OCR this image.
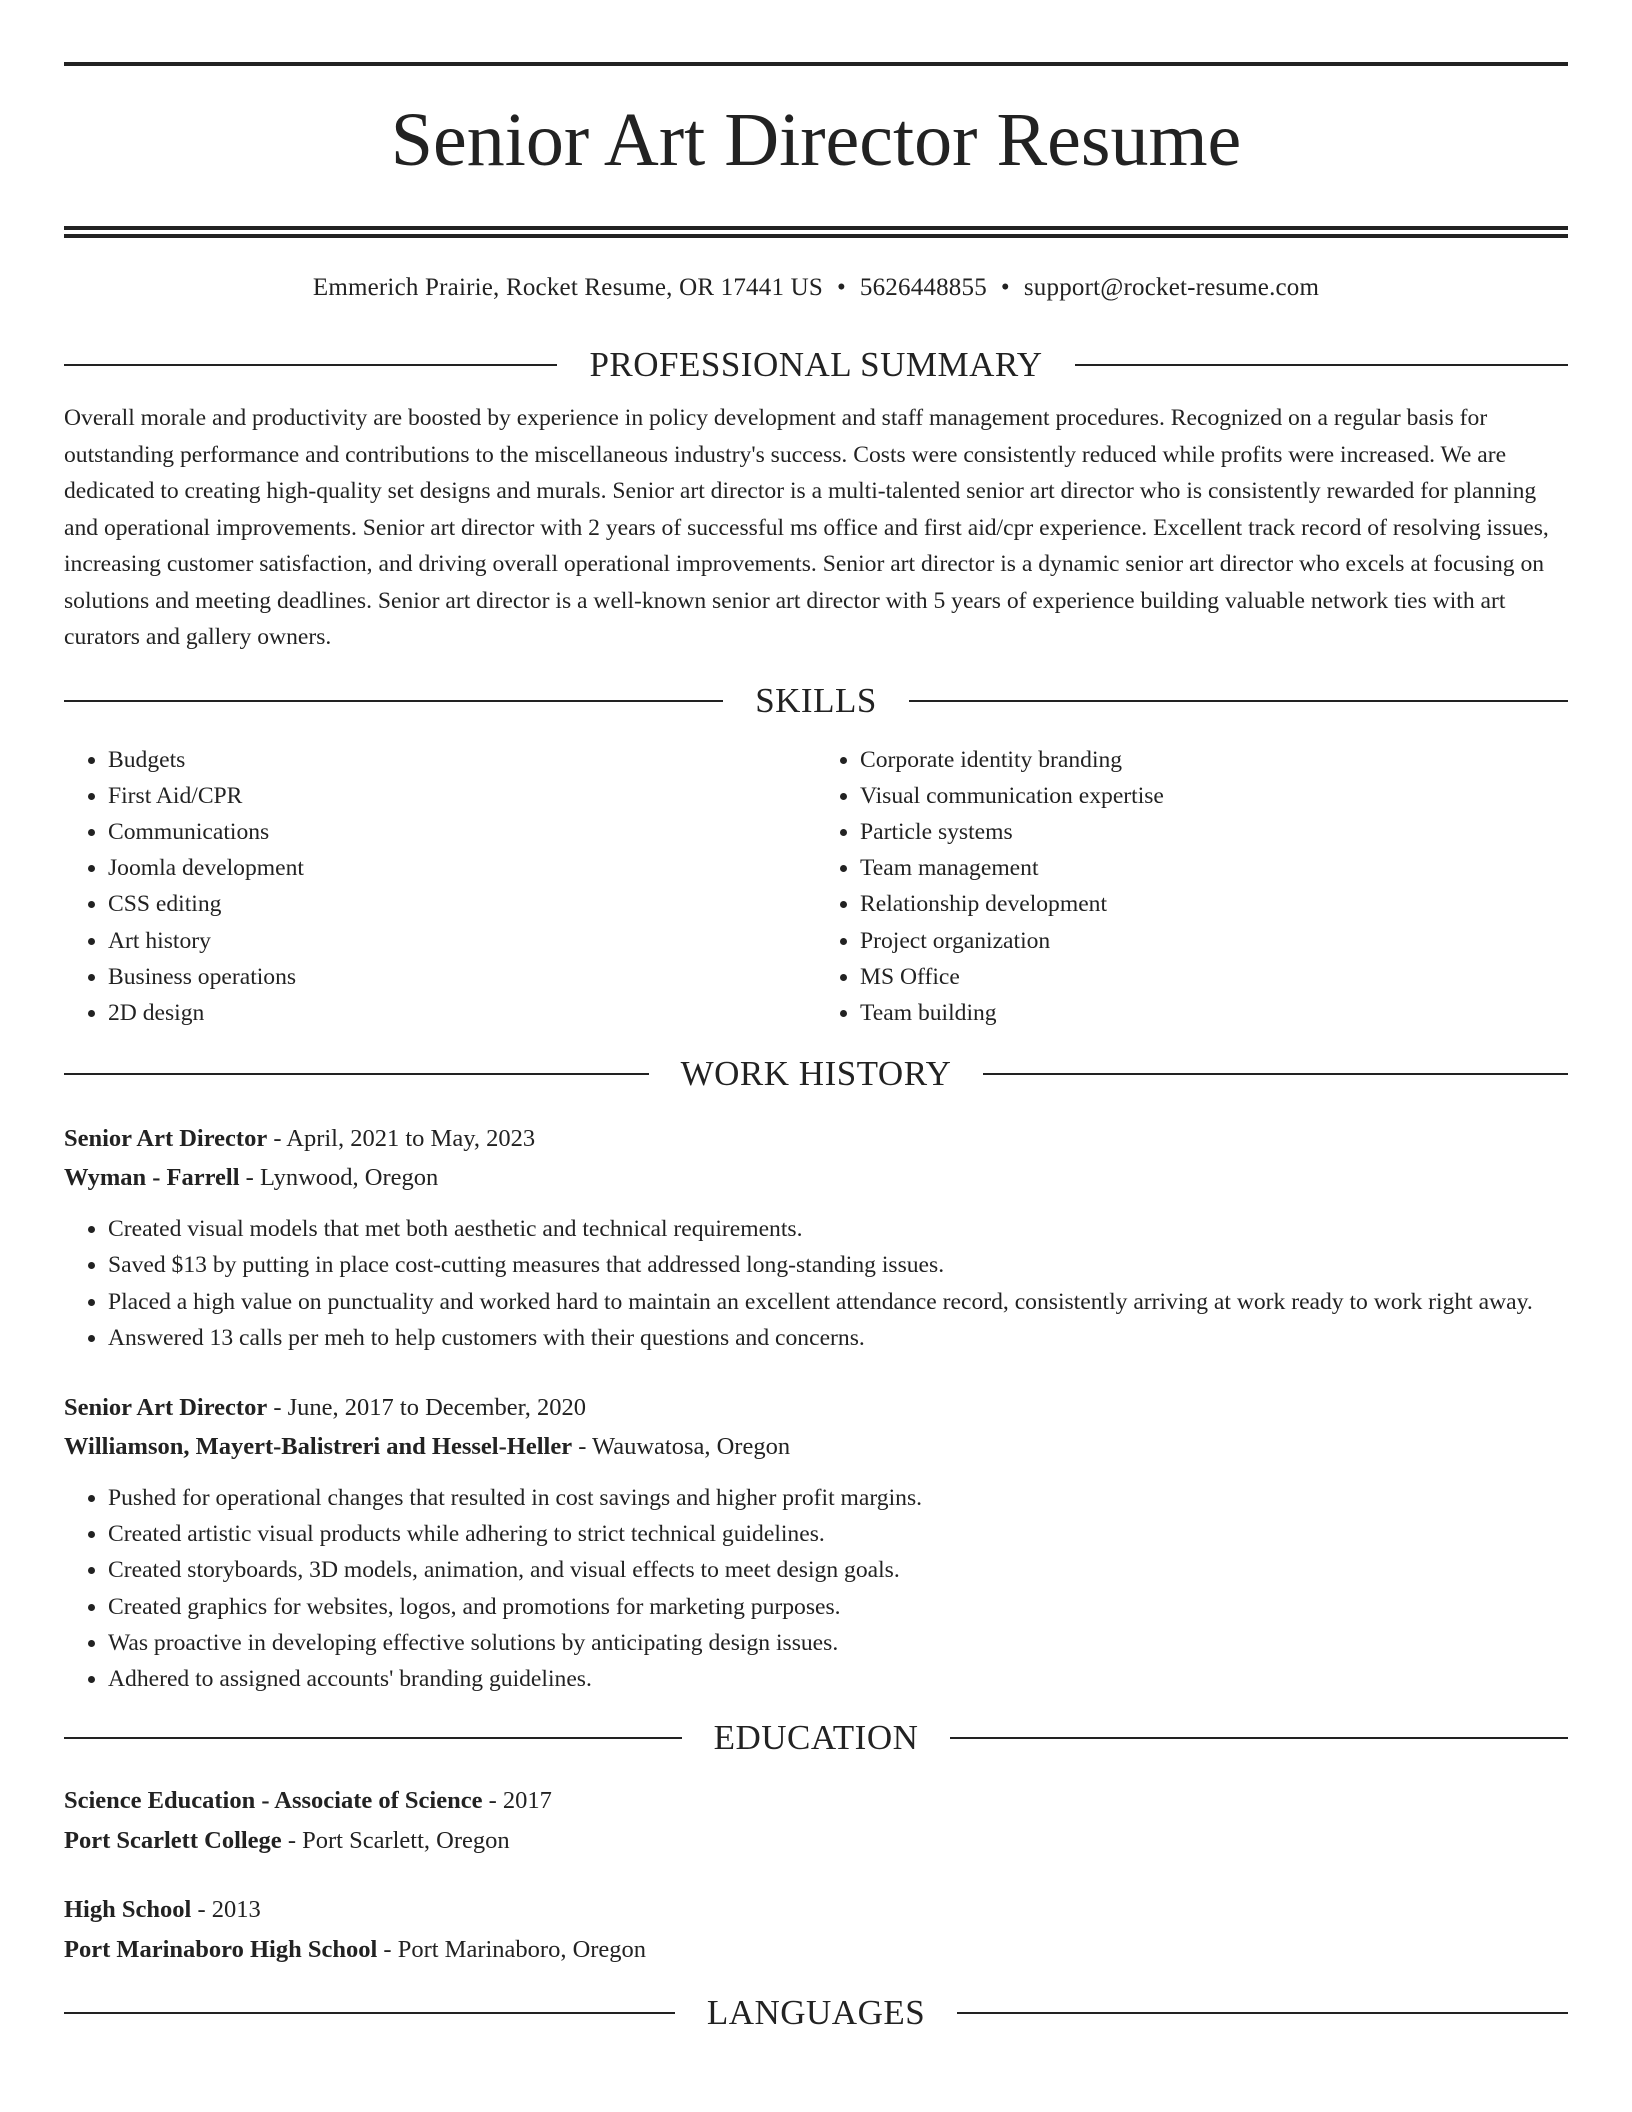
Senior Art Director Resume
Emmerich Prairie, Rocket Resume, OR 17441 US • 5626448855 • support@rocket-resume.com
PROFESSIONAL SUMMARY

Overall morale and productivity are boosted by experience in policy development and staff management procedures. Recognized on a regular basis for outstanding performance and contributions to the miscellaneous industry's success. Costs were consistently reduced while profits were increased. We are dedicated to creating high-quality set designs and murals. Senior art director is a multi-talented senior art director who is consistently rewarded for planning and operational improvements. Senior art director with 2 years of successful ms office and first aid/cpr experience. Excellent track record of resolving issues, increasing customer satisfaction, and driving overall operational improvements. Senior art director is a dynamic senior art director who excels at focusing on solutions and meeting deadlines. Senior art director is a well-known senior art director with 5 years of experience building valuable network ties with art curators and gallery owners.

SKILLS
• Budgets
• First Aid/CPR
• Communications
• Joomla development
• CSS editing
• Art history
• Business operations
• 2D design
• Corporate identity branding
• Visual communication expertise
• Particle systems
• Team management
• Relationship development
• Project organization
• MS Office
• Team building
WORK HISTORY
Senior Art Director - April, 2021 to May, 2023
Wyman - Farrell - Lynwood, Oregon
• Created visual models that met both aesthetic and technical requirements.
• Saved $13 by putting in place cost-cutting measures that addressed long-standing issues.
• Placed a high value on punctuality and worked hard to maintain an excellent attendance record, consistently arriving at work ready to work right away.
• Answered 13 calls per meh to help customers with their questions and concerns.
Senior Art Director - June, 2017 to December, 2020
Williamson, Mayert-Balistreri and Hessel-Heller - Wauwatosa, Oregon
• Pushed for operational changes that resulted in cost savings and higher profit margins.
• Created artistic visual products while adhering to strict technical guidelines.
• Created storyboards, 3D models, animation, and visual effects to meet design goals.
• Created graphics for websites, logos, and promotions for marketing purposes.
• Was proactive in developing effective solutions by anticipating design issues.
• Adhered to assigned accounts' branding guidelines.
EDUCATION
Science Education - Associate of Science - 2017
Port Scarlett College - Port Scarlett, Oregon
High School - 2013
Port Marinaboro High School - Port Marinaboro, Oregon
LANGUAGES
